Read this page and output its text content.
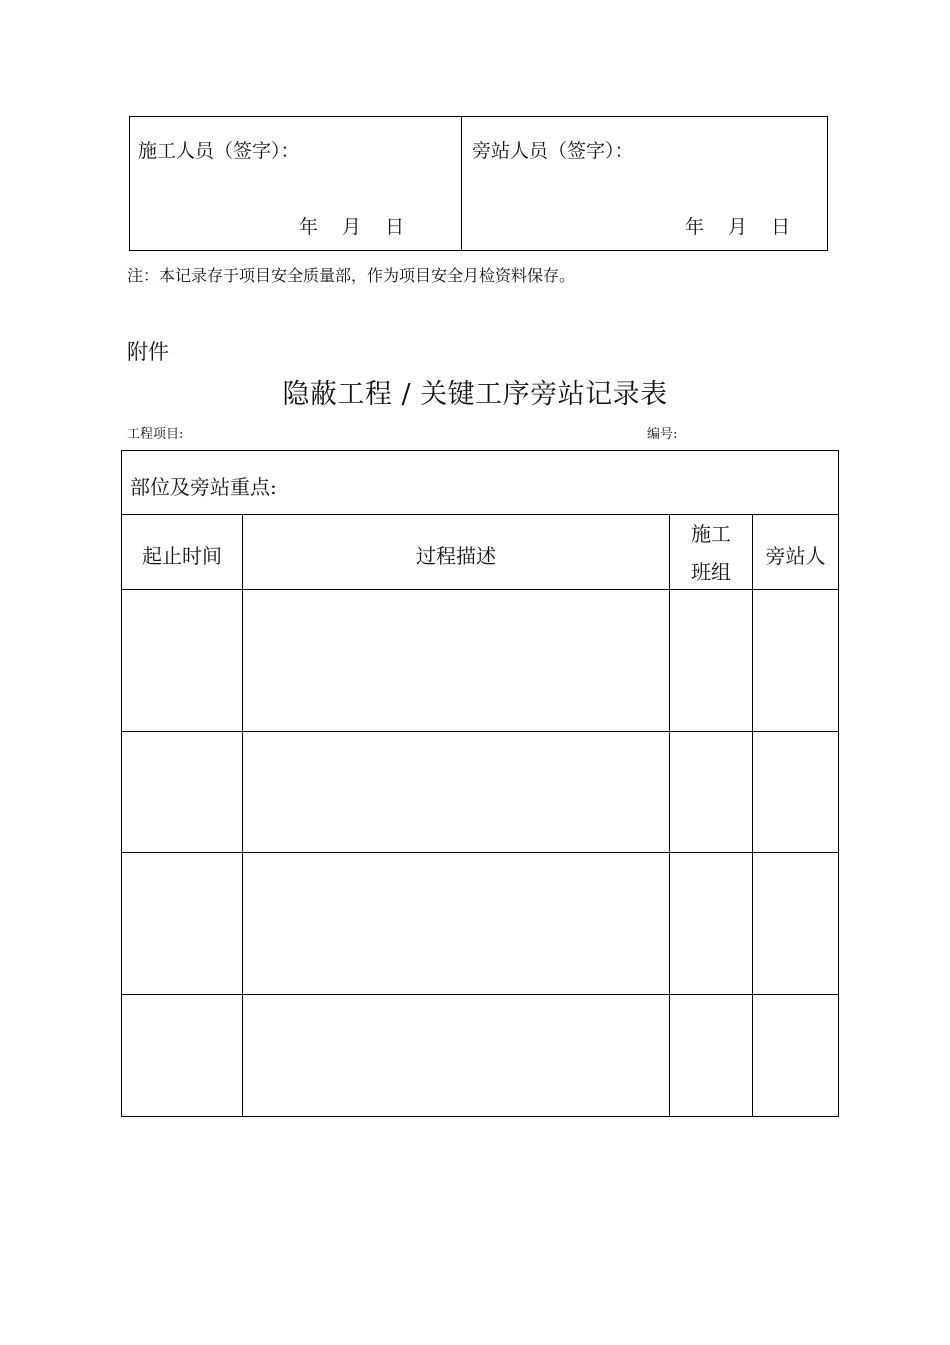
施工人员（签字）：
年 月 日
旁站人员（签字）：
年 月 日
注：本记录存于项目安全质量部，作为项目安全月检资料保存。
附件
隐蔽工程 / 关键工序旁站记录表
工程项目:	编号:
部位及旁站重点:
起止时间	过程描述
施工
班组
旁站人
